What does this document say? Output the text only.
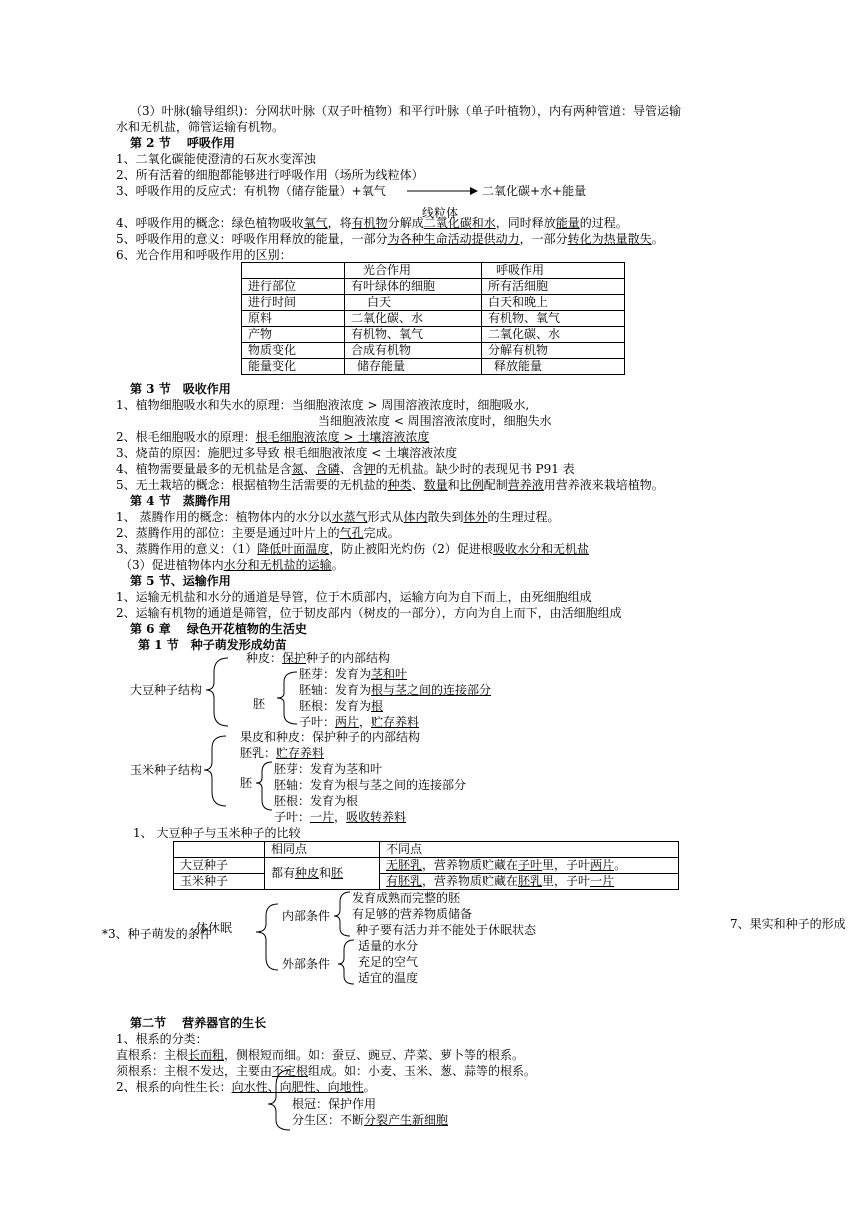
（3）叶脉(输导组织)：分网状叶脉（双子叶植物）和平行叶脉（单子叶植物），内有两种管道：导管运输
水和无机盐，筛管运输有机物。
第 2 节　 呼吸作用
1、二氧化碳能使澄清的石灰水变浑浊
2、所有活着的细胞都能够进行呼吸作用（场所为线粒体）
3、呼吸作用的反应式：有机物（储存能量）+氧气	二氧化碳+水+能量
线粒体
4、呼吸作用的概念：绿色植物吸收氧气，将有机物分解成二氧化碳和水，同时释放能量的过程。
5、呼吸作用的意义：呼吸作用释放的能量，一部分为各种生命活动提供动力，一部分转化为热量散失。
6、光合作用和呼吸作用的区别：
	光合作用	呼吸作用
进行部位	有叶绿体的细胞	所有活细胞
进行时间	白天	白天和晚上
原料	二氧化碳、水	有机物、氧气
产物	有机物、氧气	二氧化碳、水
物质变化	合成有机物	分解有机物
能量变化	储存能量	释放能量
第 3 节　吸收作用
1、植物细胞吸水和失水的原理：当细胞液浓度 > 周围溶液浓度时，细胞吸水,
当细胞液浓度 < 周围溶液浓度时，细胞失水
2、根毛细胞吸水的原理：根毛细胞液浓度 > 土壤溶液浓度
3、烧苗的原因：施肥过多导致 根毛细胞液浓度 < 土壤溶液浓度
4、植物需要量最多的无机盐是含氮、含磷、含钾的无机盐。缺少时的表现见书 P91 表
5、无土栽培的概念：根据植物生活需要的无机盐的种类、数量和比例配制营养液用营养液来栽培植物。
第 4 节　蒸腾作用
1、 蒸腾作用的概念：植物体内的水分以水蒸气形式从体内散失到体外的生理过程。
2、蒸腾作用的部位：主要是通过叶片上的气孔完成。
3、蒸腾作用的意义：（1）降低叶面温度，防止被阳光灼伤（2）促进根吸收水分和无机盐
（3）促进植物体内水分和无机盐的运输。
第 5 节、运输作用
1、运输无机盐和水分的通道是导管，位于木质部内，运输方向为自下而上，由死细胞组成
2、运输有机物的通道是筛管，位于韧皮部内（树皮的一部分），方向为自上而下，由活细胞组成
第 6 章　 绿色开花植物的生活史
第 1 节　种子萌发形成幼苗
大豆种子结构
种皮：保护种子的内部结构
胚
胚芽：发育为茎和叶
胚轴：发育为根与茎之间的连接部分
胚根：发育为根
子叶：两片，贮存养料
玉米种子结构
果皮和种皮：保护种子的内部结构
胚乳：贮存养料
胚
胚芽：发育为茎和叶
胚轴：发育为根与茎之间的连接部分
胚根：发育为根
子叶：一片，吸收转养料
1、 大豆种子与玉米种子的比较
	相同点	不同点
大豆种子	都有种皮和胚	无胚乳，营养物质贮藏在子叶里，子叶两片。
玉米种子		有胚乳，营养物质贮藏在胚乳里，子叶一片
体休眠
*3、种子萌发的条件
内部条件
发育成熟而完整的胚
有足够的营养物质储备
种子要有活力并不能处于休眠状态
外部条件
适量的水分
充足的空气
适宜的温度
7、果实和种子的形成
第二节　 营养器官的生长
1、根系的分类：
直根系：主根长而粗，侧根短而细。如：蚕豆、豌豆、芹菜、萝卜等的根系。
须根系：主根不发达，主要由不定根组成。如：小麦、玉米、葱、蒜等的根系。
2、根系的向性生长：向水性、向肥性、向地性。
根冠：保护作用
分生区：不断分裂产生新细胞
